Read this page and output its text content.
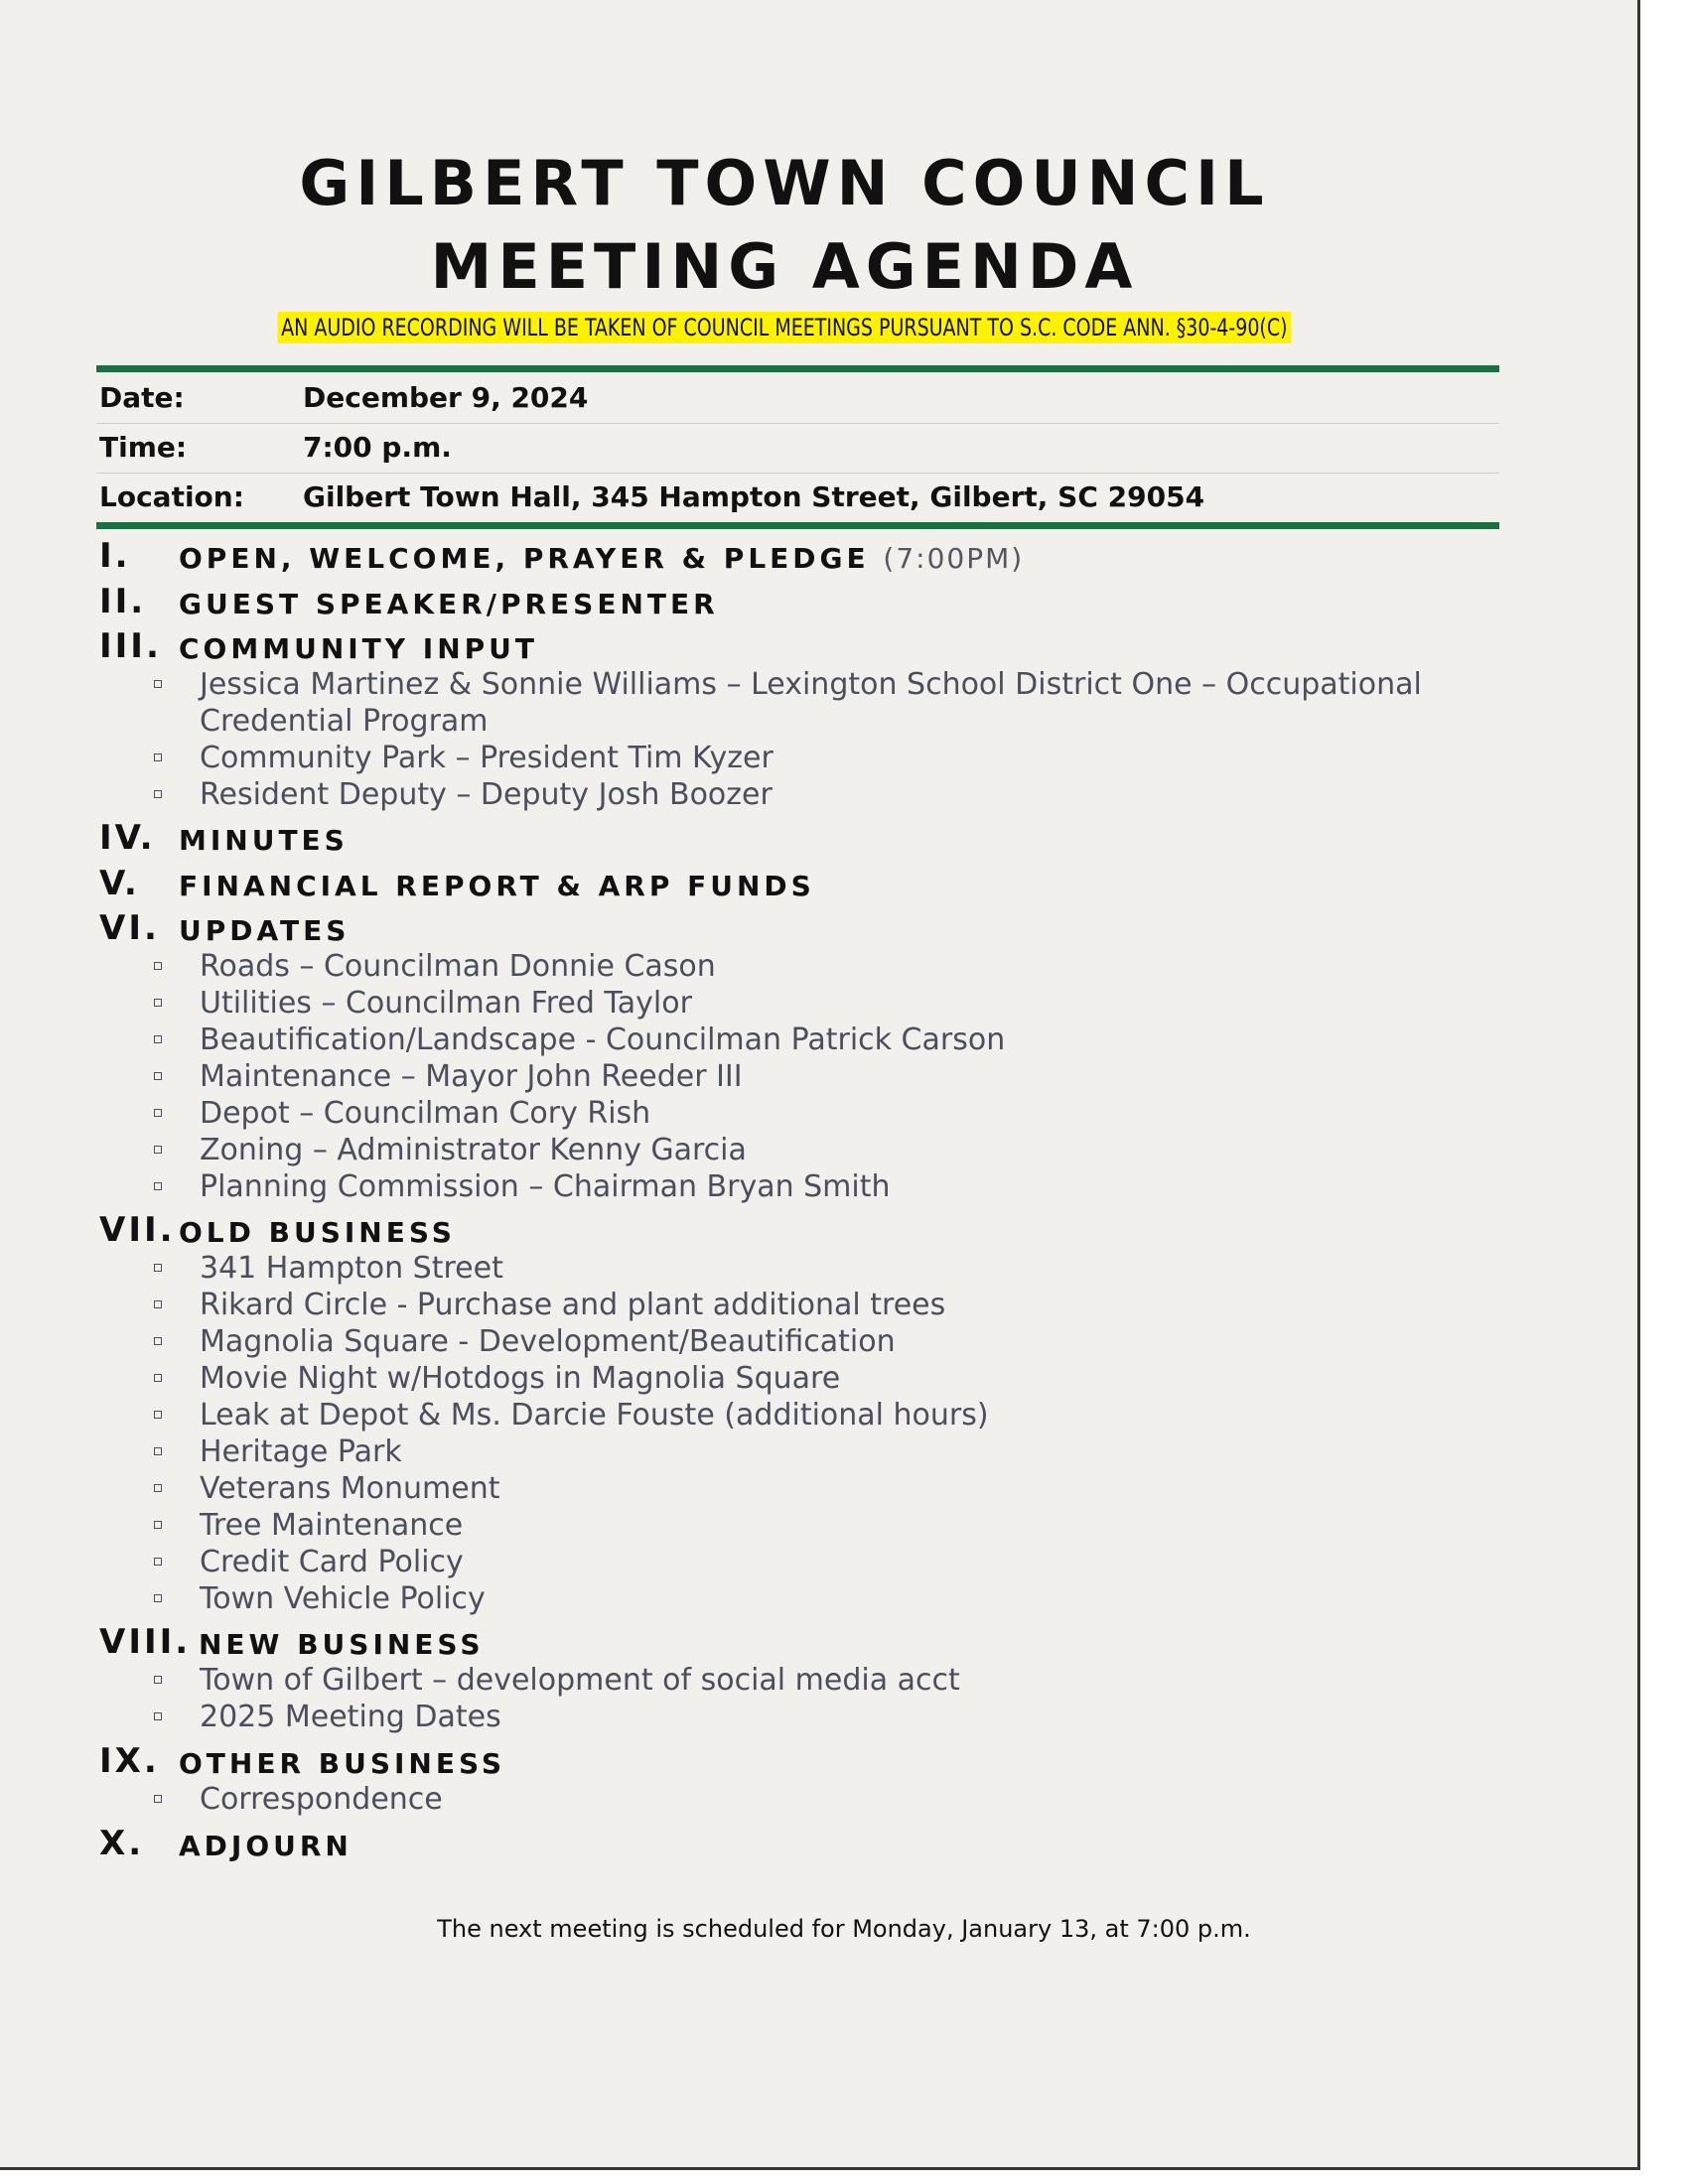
GILBERT TOWN COUNCIL
MEETING AGENDA
AN AUDIO RECORDING WILL BE TAKEN OF COUNCIL MEETINGS PURSUANT TO S.C. CODE ANN. §30-4-90(C)
Date:	December 9, 2024
Time:	7:00 p.m.
Location: Gilbert Town Hall, 345 Hampton Street, Gilbert, SC 29054
I. OPEN, WELCOME, PRAYER & PLEDGE (7:00PM)
II. GUEST SPEAKER/PRESENTER
III. COMMUNITY INPUT
Jessica Martinez & Sonnie Williams – Lexington School District One – Occupational
Credential Program
Community Park – President Tim Kyzer
Resident Deputy – Deputy Josh Boozer
IV. MINUTES
V. FINANCIAL REPORT & ARP FUNDS
VI. UPDATES
Roads – Councilman Donnie Cason
Utilities – Councilman Fred Taylor
Beautification/Landscape - Councilman Patrick Carson
Maintenance – Mayor John Reeder III
Depot – Councilman Cory Rish
Zoning – Administrator Kenny Garcia
Planning Commission – Chairman Bryan Smith
VII. OLD BUSINESS
341 Hampton Street
Rikard Circle - Purchase and plant additional trees
Magnolia Square - Development/Beautification
Movie Night w/Hotdogs in Magnolia Square
Leak at Depot & Ms. Darcie Fouste (additional hours)
Heritage Park
Veterans Monument
Tree Maintenance
Credit Card Policy
Town Vehicle Policy
VIII. NEW BUSINESS
Town of Gilbert – development of social media acct
2025 Meeting Dates
IX. OTHER BUSINESS
Correspondence
X. ADJOURN
The next meeting is scheduled for Monday, January 13, at 7:00 p.m.
